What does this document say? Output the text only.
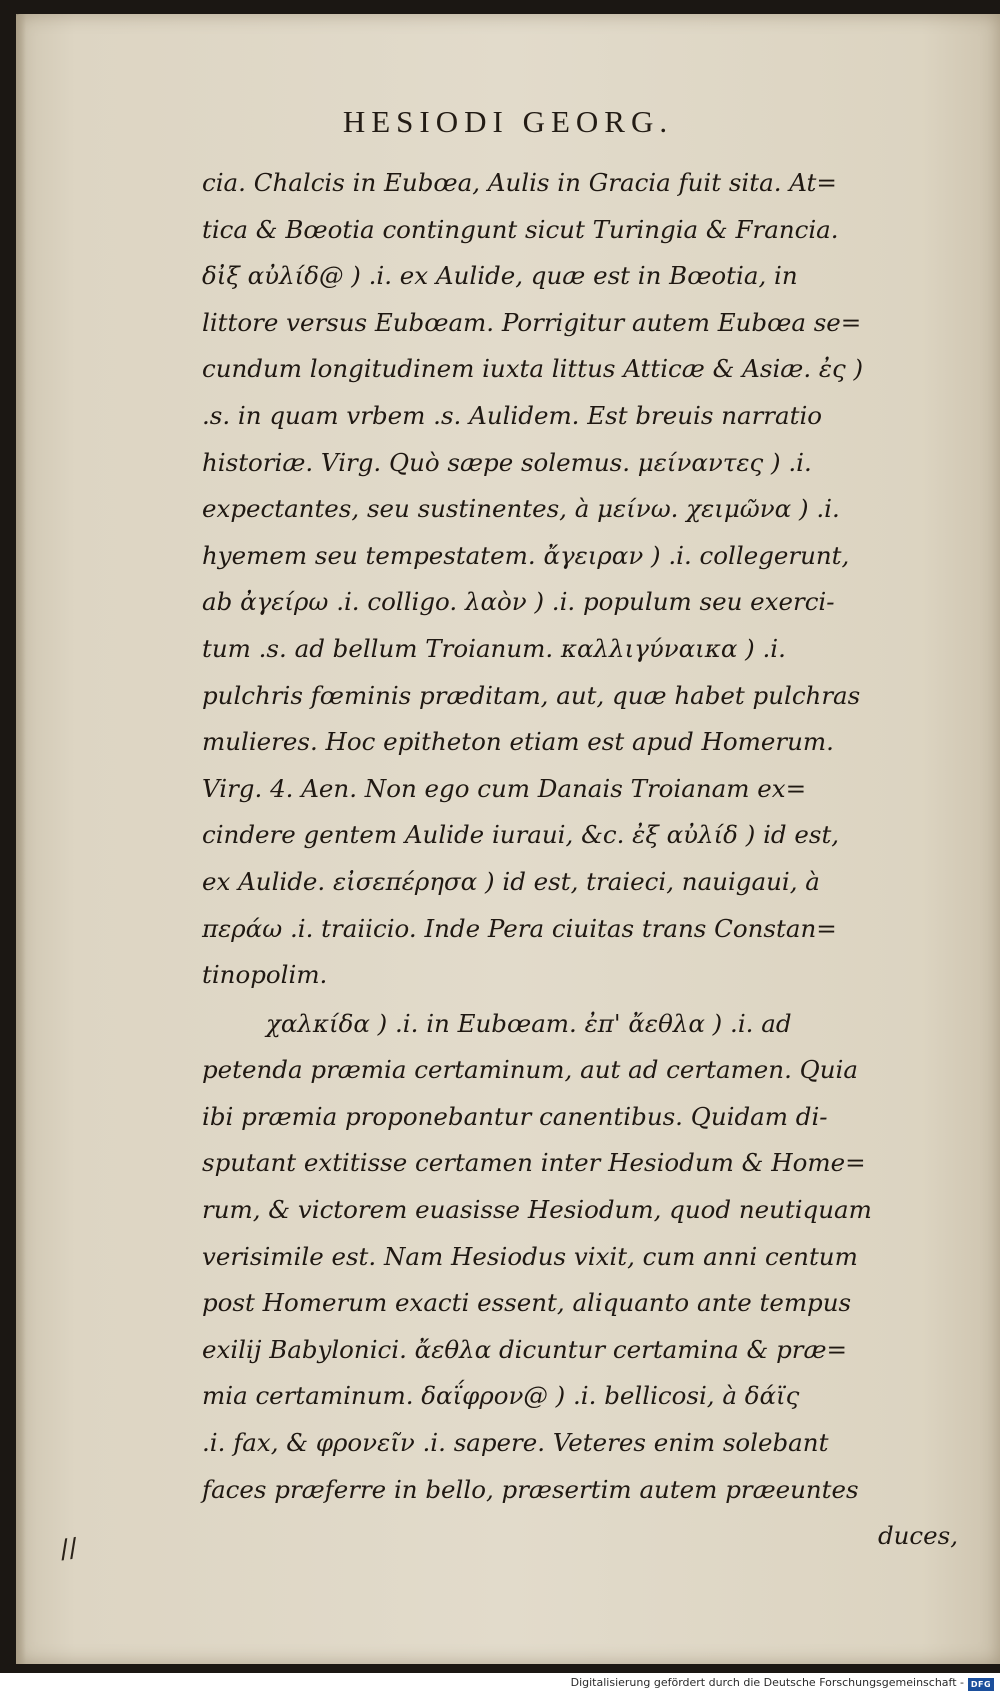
HESIODI GEORG.
cia. Chalcis in Eubœa, Aulis in Gracia fuit sita. At=
tica & Bœotia contingunt sicut Turingia & Francia.
δἰξ αὐλίδ@ ) .i. ex Aulide, quæ est in Bœotia, in
littore versus Eubœam. Porrigitur autem Eubœa se=
cundum longitudinem iuxta littus Atticæ & Asiæ. ἐς )
.s. in quam vrbem .s. Aulidem. Est breuis narratio
historiæ. Virg. Quò sæpe solemus. μείναντες ) .i.
expectantes, seu sustinentes, à μείνω. χειμῶνα ) .i.
hyemem seu tempestatem. ἄγειραν ) .i. collegerunt,
ab ἀγείρω .i. colligo. λαὸν ) .i. populum seu exerci-
tum .s. ad bellum Troianum. καλλιγύναικα ) .i.
pulchris fœminis præditam, aut, quæ habet pulchras
mulieres. Hoc epitheton etiam est apud Homerum.
Virg. 4. Aen. Non ego cum Danais Troianam ex=
cindere gentem Aulide iuraui, &c. ἐξ αὐλίδ ) id est,
ex Aulide. εἰσεπέρησα ) id est, traieci, nauigaui, à
περάω .i. traiicio. Inde Pera ciuitas trans Constan=
tinopolim.
χαλκίδα ) .i. in Eubœam. ἐπ' ἄεθλα ) .i. ad
petenda præmia certaminum, aut ad certamen. Quia
ibi præmia proponebantur canentibus. Quidam di-
sputant extitisse certamen inter Hesiodum & Home=
rum, & victorem euasisse Hesiodum, quod neutiquam
verisimile est. Nam Hesiodus vixit, cum anni centum
post Homerum exacti essent, aliquanto ante tempus
exilij Babylonici. ἄεθλα dicuntur certamina & præ=
mia certaminum. δαΐφρον@ ) .i. bellicosi, à δάϊς
.i. fax, & φρονεῖν .i. sapere. Veteres enim solebant
faces præferre in bello, præsertim autem præeuntes
duces,
//
Digitalisierung gefördert durch die Deutsche Forschungsgemeinschaft - DFG
